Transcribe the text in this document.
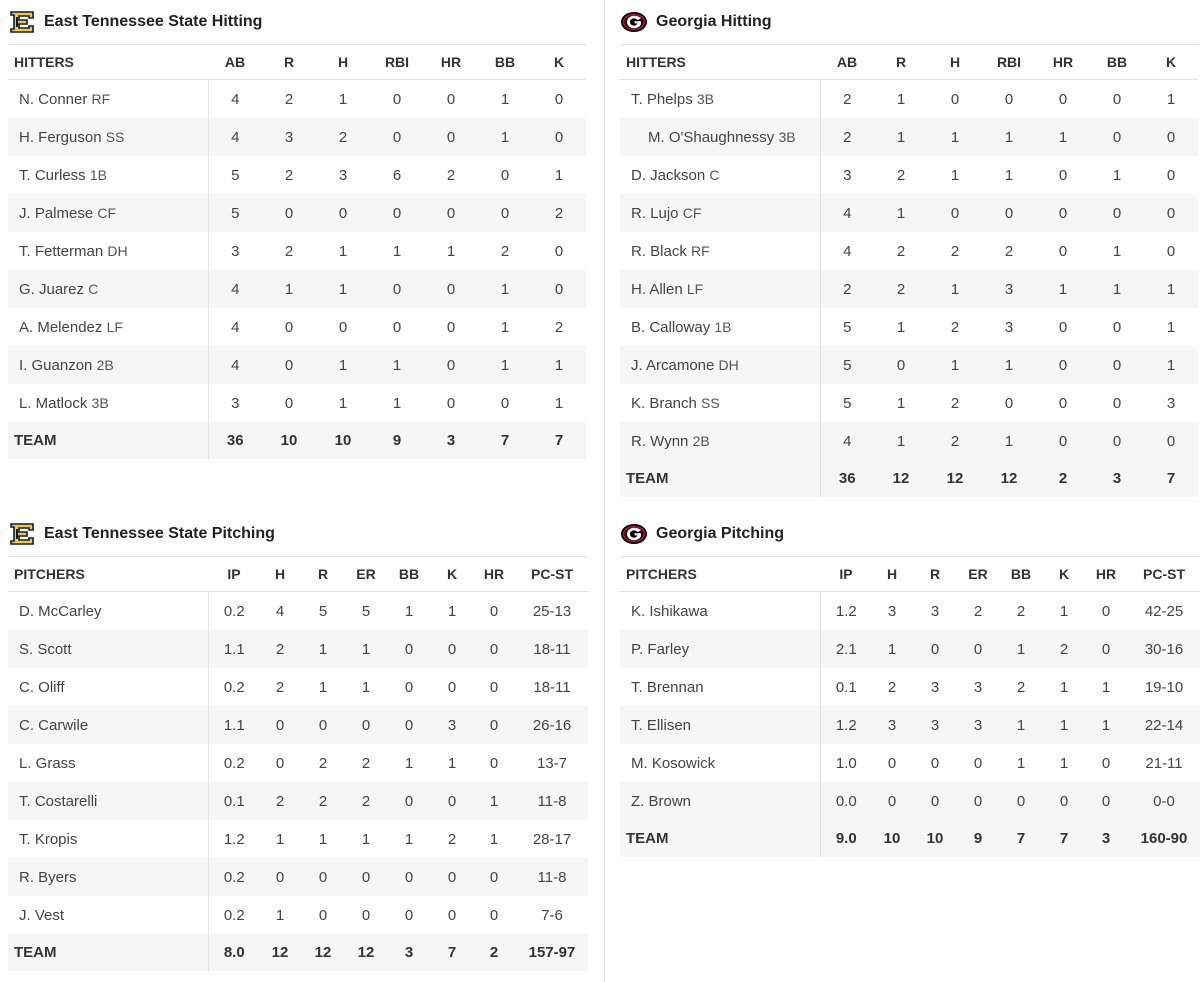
East Tennessee State Hitting
HITTERS	AB	R	H	RBI	HR	BB	K
N. Conner RF	4	2	1	0	0	1	0
H. Ferguson SS	4	3	2	0	0	1	0
T. Curless 1B	5	2	3	6	2	0	1
J. Palmese CF	5	0	0	0	0	0	2
T. Fetterman DH	3	2	1	1	1	2	0
G. Juarez C	4	1	1	0	0	1	0
A. Melendez LF	4	0	0	0	0	1	2
I. Guanzon 2B	4	0	1	1	0	1	1
L. Matlock 3B	3	0	1	1	0	0	1
TEAM	36	10	10	9	3	7	7
Georgia Hitting
HITTERS	AB	R	H	RBI	HR	BB	K
T. Phelps 3B	2	1	0	0	0	0	1
M. O'Shaughnessy 3B	2	1	1	1	1	0	0
D. Jackson C	3	2	1	1	0	1	0
R. Lujo CF	4	1	0	0	0	0	0
R. Black RF	4	2	2	2	0	1	0
H. Allen LF	2	2	1	3	1	1	1
B. Calloway 1B	5	1	2	3	0	0	1
J. Arcamone DH	5	0	1	1	0	0	1
K. Branch SS	5	1	2	0	0	0	3
R. Wynn 2B	4	1	2	1	0	0	0
TEAM	36	12	12	12	2	3	7
East Tennessee State Pitching
PITCHERS	IP	H	R	ER	BB	K	HR	PC-ST
D. McCarley	0.2	4	5	5	1	1	0	25-13
S. Scott	1.1	2	1	1	0	0	0	18-11
C. Oliff	0.2	2	1	1	0	0	0	18-11
C. Carwile	1.1	0	0	0	0	3	0	26-16
L. Grass	0.2	0	2	2	1	1	0	13-7
T. Costarelli	0.1	2	2	2	0	0	1	11-8
T. Kropis	1.2	1	1	1	1	2	1	28-17
R. Byers	0.2	0	0	0	0	0	0	11-8
J. Vest	0.2	1	0	0	0	0	0	7-6
TEAM	8.0	12	12	12	3	7	2	157-97
Georgia Pitching
PITCHERS	IP	H	R	ER	BB	K	HR	PC-ST
K. Ishikawa	1.2	3	3	2	2	1	0	42-25
P. Farley	2.1	1	0	0	1	2	0	30-16
T. Brennan	0.1	2	3	3	2	1	1	19-10
T. Ellisen	1.2	3	3	3	1	1	1	22-14
M. Kosowick	1.0	0	0	0	1	1	0	21-11
Z. Brown	0.0	0	0	0	0	0	0	0-0
TEAM	9.0	10	10	9	7	7	3	160-90
